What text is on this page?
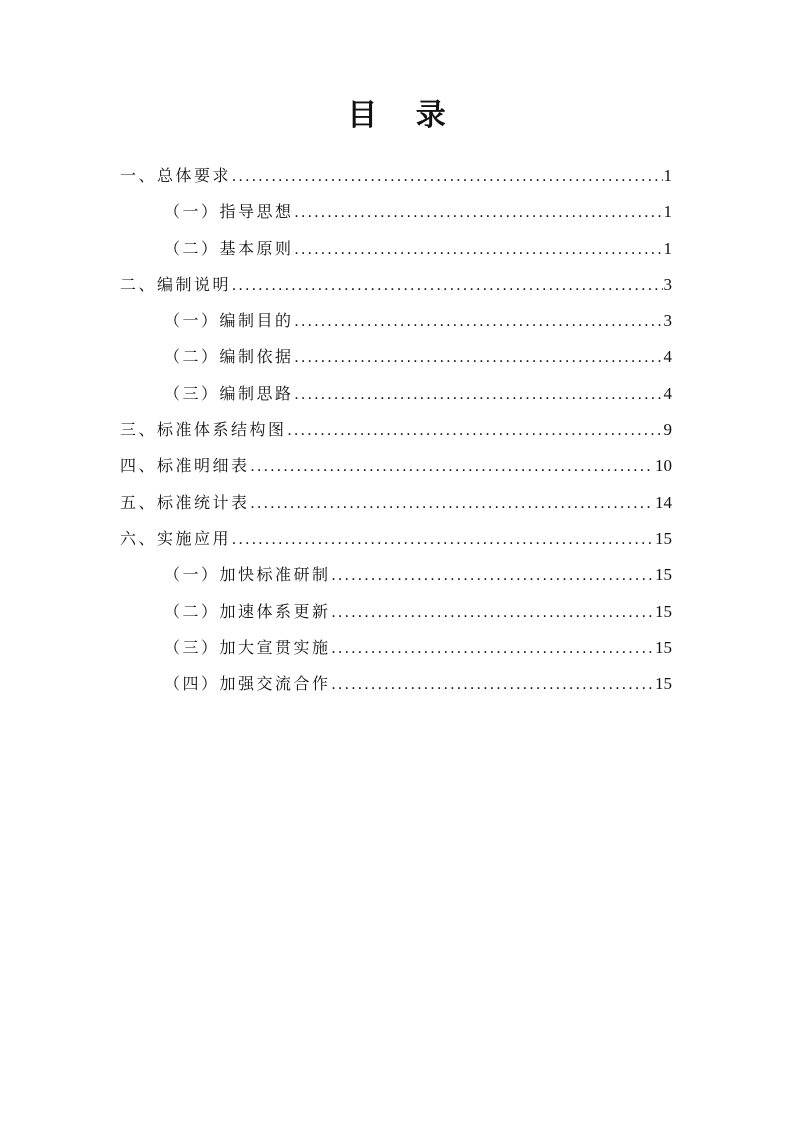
目 录
一、总体要求 .....	1
（一）指导思想 .....	1
（二）基本原则 .....	1
二、编制说明 .....	3
（一）编制目的 .....	3
（二）编制依据 .....	4
（三）编制思路 .....	4
三、标准体系结构图 .....	9
四、标准明细表 .....	10
五、标准统计表 .....	14
六、实施应用 .....	15
（一）加快标准研制 .....	15
（二）加速体系更新 .....	15
（三）加大宣贯实施 .....	15
（四）加强交流合作 .....	15
